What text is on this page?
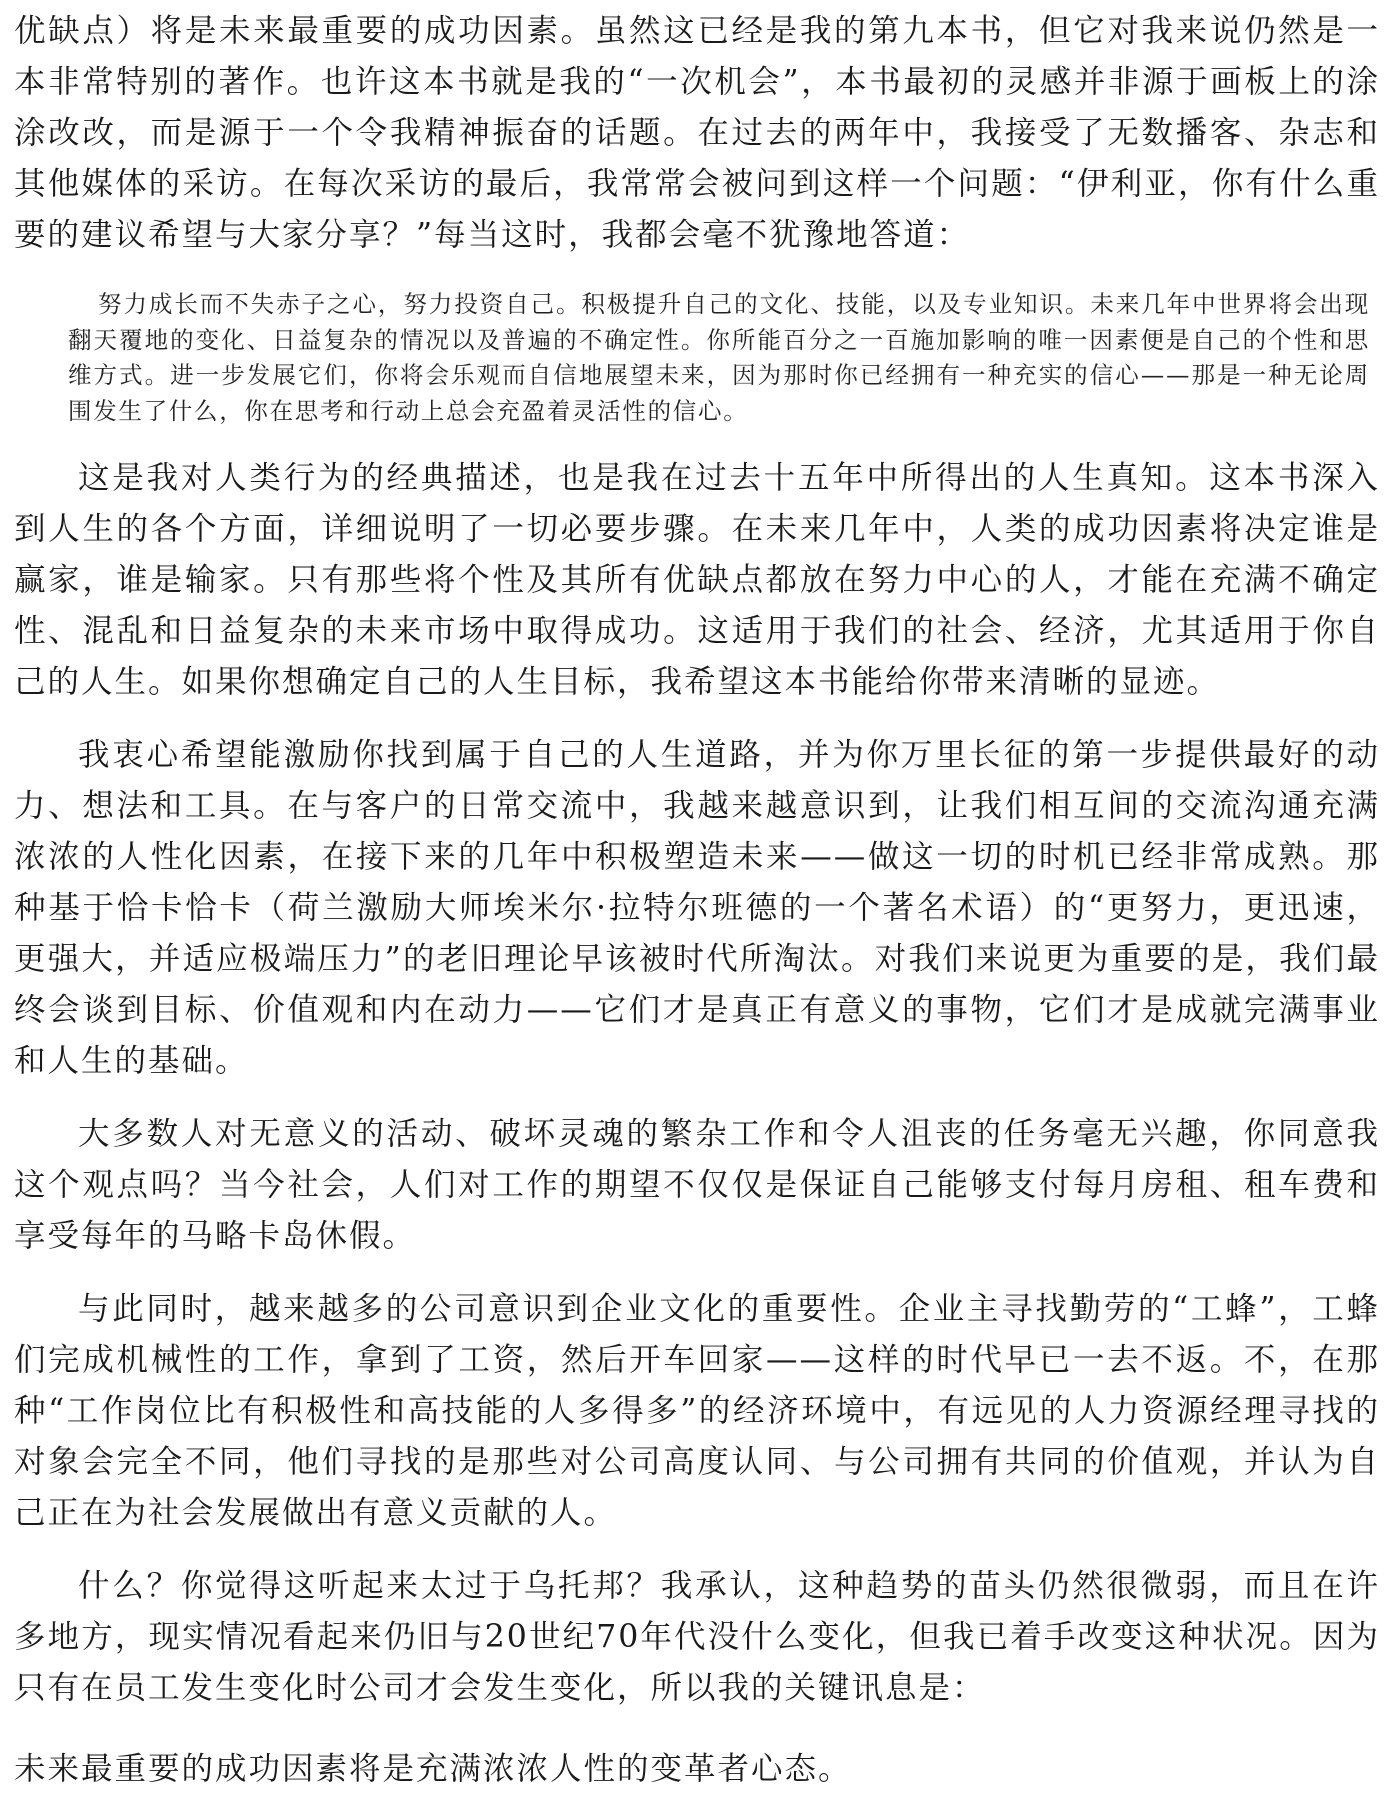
优缺点）将是未来最重要的成功因素。虽然这已经是我的第九本书，但它对我来说仍然是一本非常特别的著作。也许这本书就是我的“一次机会”，本书最初的灵感并非源于画板上的涂涂改改，而是源于一个令我精神振奋的话题。在过去的两年中，我接受了无数播客、杂志和其他媒体的采访。在每次采访的最后，我常常会被问到这样一个问题：“伊利亚，你有什么重要的建议希望与大家分享？”每当这时，我都会毫不犹豫地答道：

努力成长而不失赤子之心，努力投资自己。积极提升自己的文化、技能，以及专业知识。未来几年中世界将会出现翻天覆地的变化、日益复杂的情况以及普遍的不确定性。你所能百分之一百施加影响的唯一因素便是自己的个性和思维方式。进一步发展它们，你将会乐观而自信地展望未来，因为那时你已经拥有一种充实的信心——那是一种无论周围发生了什么，你在思考和行动上总会充盈着灵活性的信心。

这是我对人类行为的经典描述，也是我在过去十五年中所得出的人生真知。这本书深入到人生的各个方面，详细说明了一切必要步骤。在未来几年中，人类的成功因素将决定谁是赢家，谁是输家。只有那些将个性及其所有优缺点都放在努力中心的人，才能在充满不确定性、混乱和日益复杂的未来市场中取得成功。这适用于我们的社会、经济，尤其适用于你自己的人生。如果你想确定自己的人生目标，我希望这本书能给你带来清晰的显迹。

我衷心希望能激励你找到属于自己的人生道路，并为你万里长征的第一步提供最好的动力、想法和工具。在与客户的日常交流中，我越来越意识到，让我们相互间的交流沟通充满浓浓的人性化因素，在接下来的几年中积极塑造未来——做这一切的时机已经非常成熟。那种基于恰卡恰卡（荷兰激励大师埃米尔·拉特尔班德的一个著名术语）的“更努力，更迅速，更强大，并适应极端压力”的老旧理论早该被时代所淘汰。对我们来说更为重要的是，我们最终会谈到目标、价值观和内在动力——它们才是真正有意义的事物，它们才是成就完满事业和人生的基础。

大多数人对无意义的活动、破坏灵魂的繁杂工作和令人沮丧的任务毫无兴趣，你同意我这个观点吗？当今社会，人们对工作的期望不仅仅是保证自己能够支付每月房租、租车费和享受每年的马略卡岛休假。

与此同时，越来越多的公司意识到企业文化的重要性。企业主寻找勤劳的“工蜂”，工蜂们完成机械性的工作，拿到了工资，然后开车回家——这样的时代早已一去不返。不，在那种“工作岗位比有积极性和高技能的人多得多”的经济环境中，有远见的人力资源经理寻找的对象会完全不同，他们寻找的是那些对公司高度认同、与公司拥有共同的价值观，并认为自己正在为社会发展做出有意义贡献的人。

什么？你觉得这听起来太过于乌托邦？我承认，这种趋势的苗头仍然很微弱，而且在许多地方，现实情况看起来仍旧与20世纪70年代没什么变化，但我已着手改变这种状况。因为只有在员工发生变化时公司才会发生变化，所以我的关键讯息是：

未来最重要的成功因素将是充满浓浓人性的变革者心态。
